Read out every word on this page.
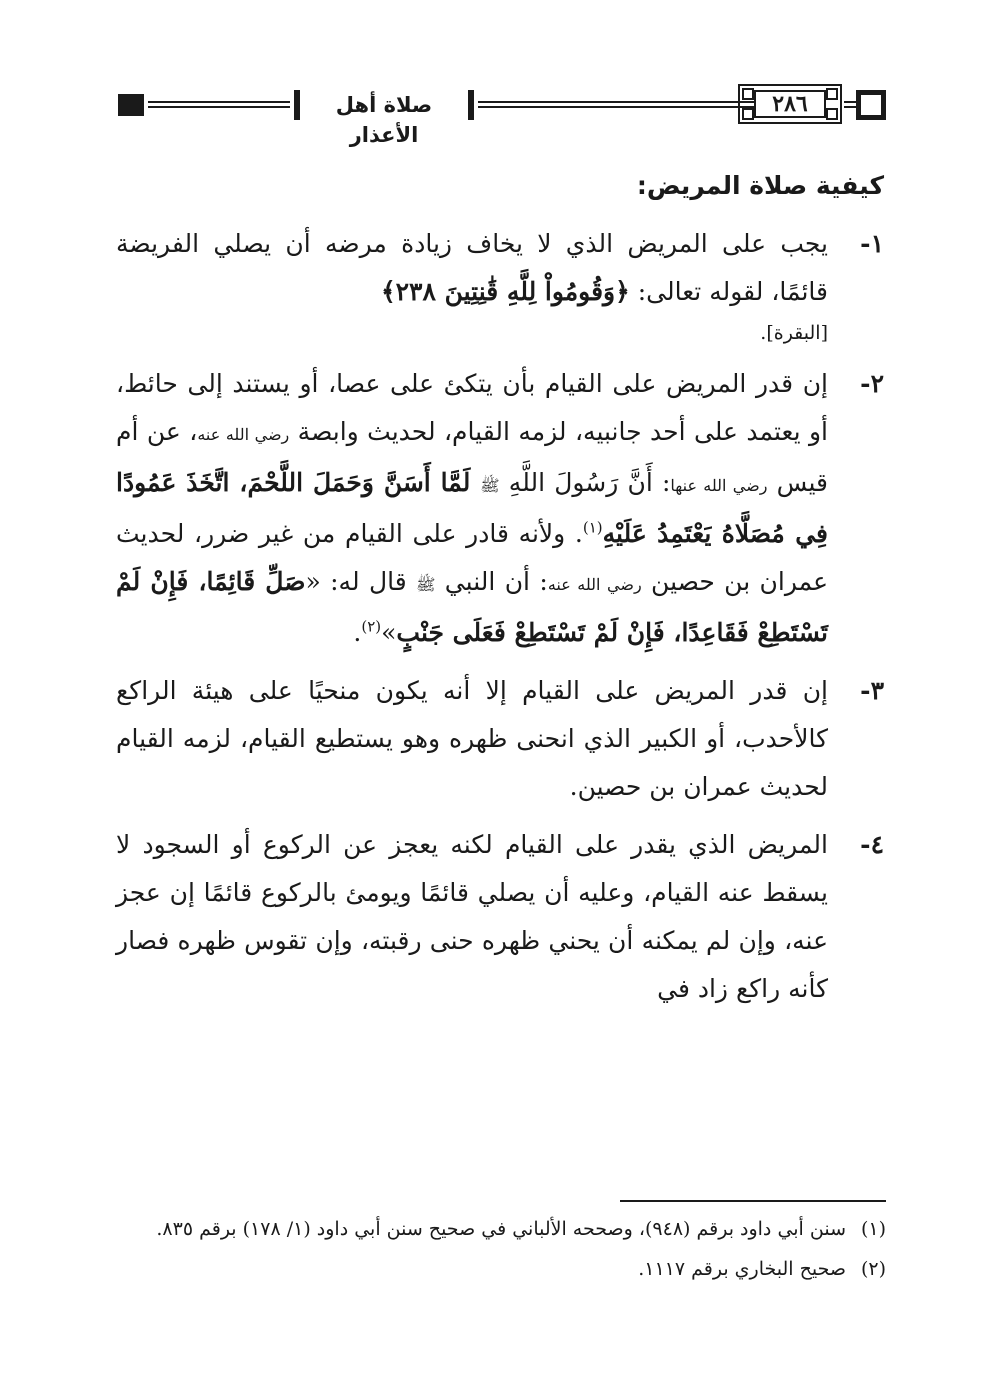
صلاة أهل الأعذار
٢٨٦
كيفية صلاة المريض:
١-
يجب على المريض الذي لا يخاف زيادة مرضه أن يصلي الفريضة قائمًا، لقوله تعالى: ﴿وَقُومُواْ لِلَّهِ قَٰنِتِينَ ٢٣٨﴾
[البقرة].
٢-
إن قدر المريض على القيام بأن يتكئ على عصا، أو يستند إلى حائط، أو يعتمد على أحد جانبيه، لزمه القيام، لحديث وابصة رضي الله عنه، عن أم قيس رضي الله عنها: أَنَّ رَسُولَ اللَّهِ ﷺ لَمَّا أَسَنَّ وَحَمَلَ اللَّحْمَ، اتَّخَذَ عَمُودًا فِي مُصَلَّاهُ يَعْتَمِدُ عَلَيْهِ$^{(١)}$. ولأنه قادر على القيام من غير ضرر، لحديث عمران بن حصين رضي الله عنه: أن النبي ﷺ قال له: «صَلِّ قَائِمًا، فَإِنْ لَمْ تَسْتَطِعْ فَقَاعِدًا، فَإِنْ لَمْ تَسْتَطِعْ فَعَلَى جَنْبٍ»$^{(٢)}$.
٣-
إن قدر المريض على القيام إلا أنه يكون منحيًا على هيئة الراكع كالأحدب، أو الكبير الذي انحنى ظهره وهو يستطيع القيام، لزمه القيام لحديث عمران بن حصين.
٤-
المريض الذي يقدر على القيام لكنه يعجز عن الركوع أو السجود لا يسقط عنه القيام، وعليه أن يصلي قائمًا ويومئ بالركوع قائمًا إن عجز عنه، وإن لم يمكنه أن يحني ظهره حنى رقبته، وإن تقوس ظهره فصار كأنه راكع زاد في
(١)
سنن أبي داود برقم (٩٤٨)، وصححه الألباني في صحيح سنن أبي داود (١/ ١٧٨) برقم ٨٣٥.
(٢)
صحيح البخاري برقم ١١١٧.
